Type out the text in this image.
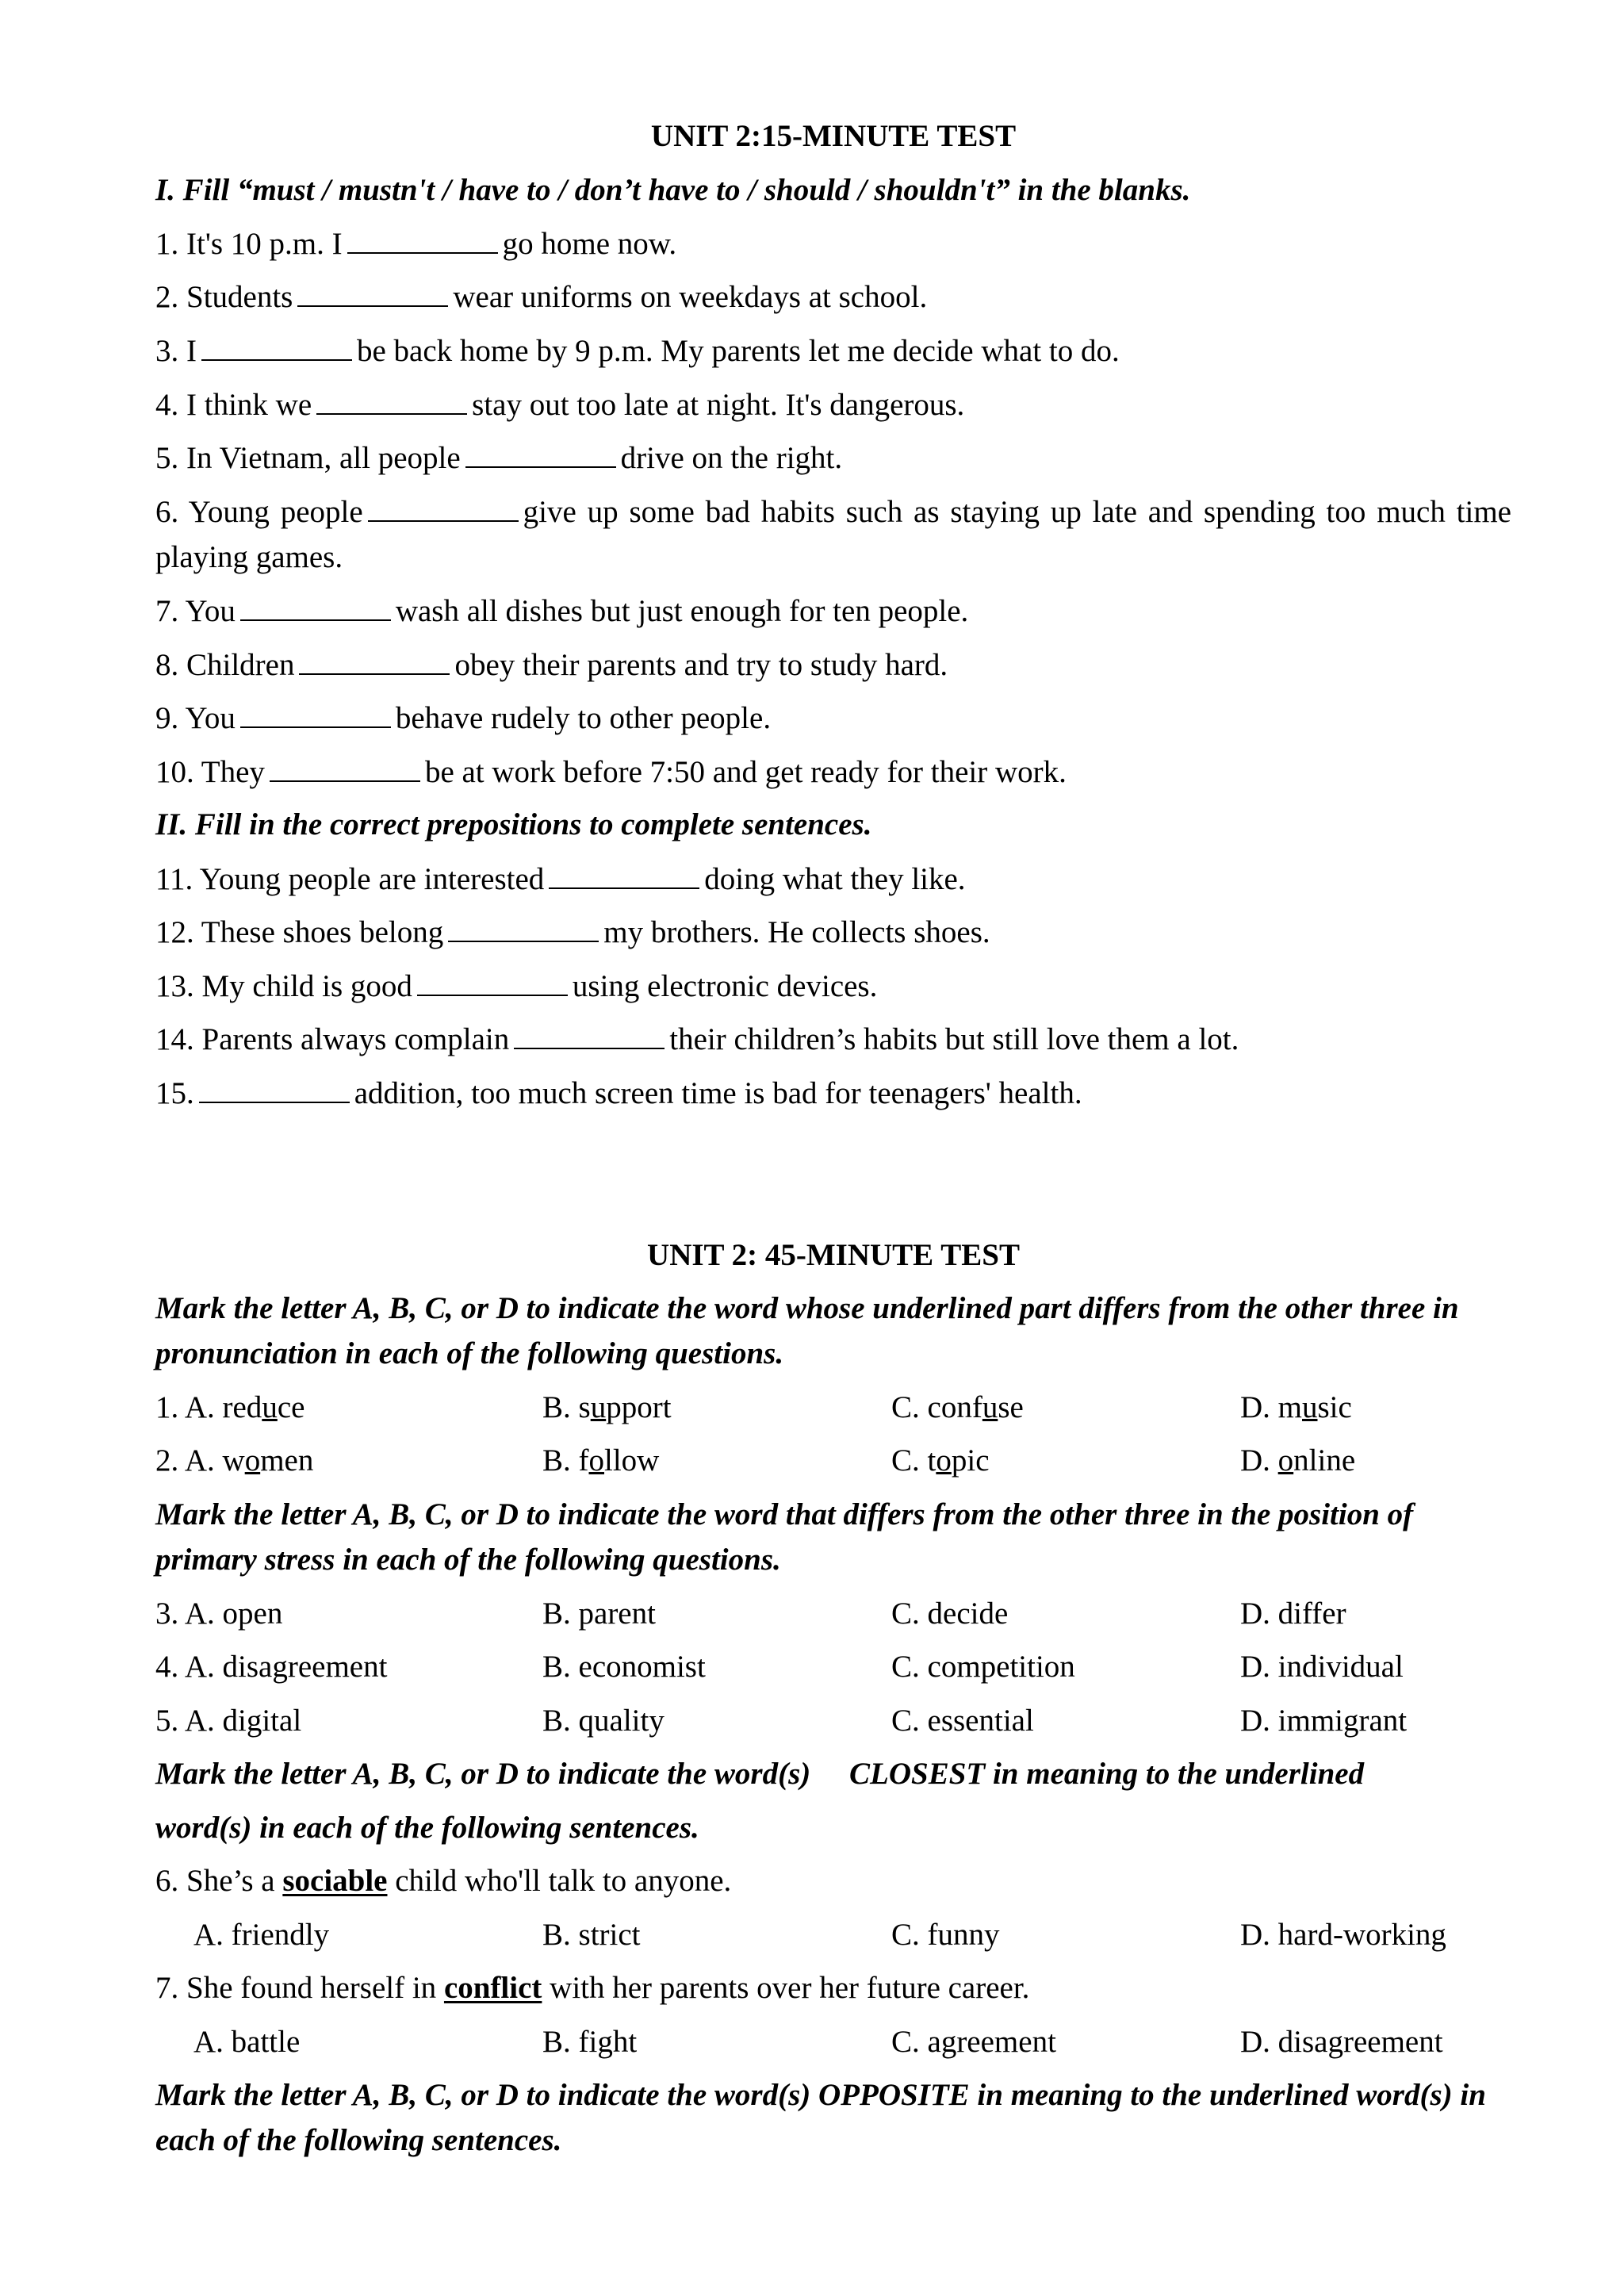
UNIT 2:15-MINUTE TEST
I. Fill “must / mustn't / have to / don’t have to / should / shouldn't” in the blanks.
1. It's 10 p.m. I	go home now.
2. Students	wear uniforms on weekdays at school.
3. I	be back home by 9 p.m. My parents let me decide what to do.
4. I think we	stay out too late at night. It's dangerous.
5. In Vietnam, all people	drive on the right.
6. Young people	give up some bad habits such as staying up late and spending too much time playing games.
7. You	wash all dishes but just enough for ten people.
8. Children	obey their parents and try to study hard.
9. You	behave rudely to other people.
10. They	be at work before 7:50 and get ready for their work.
II. Fill in the correct prepositions to complete sentences.
11. Young people are interested	doing what they like.
12. These shoes belong	my brothers. He collects shoes.
13. My child is good	using electronic devices.
14. Parents always complain	their children’s habits but still love them a lot.
15.	addition, too much screen time is bad for teenagers' health.
UNIT 2: 45-MINUTE TEST
Mark the letter A, B, C, or D to indicate the word whose underlined part differs from the other three in pronunciation in each of the following questions.
1. A. reduce	B. support	C. confuse	D. music
2. A. women	B. follow	C. topic	D. online
Mark the letter A, B, C, or D to indicate the word that differs from the other three in the position of primary stress in each of the following questions.
3. A. open	B. parent	C. decide	D. differ
4. A. disagreement	B. economist	C. competition	D. individual
5. A. digital	B. quality	C. essential	D. immigrant
Mark the letter A, B, C, or D to indicate the word(s)     CLOSEST in meaning to the underlined
word(s) in each of the following sentences.
6. She’s a sociable child who'll talk to anyone.
A. friendly	B. strict	C. funny	D. hard-working
7. She found herself in conflict with her parents over her future career.
A. battle	B. fight	C. agreement	D. disagreement
Mark the letter A, B, C, or D to indicate the word(s) OPPOSITE in meaning to the underlined word(s) in each of the following sentences.
